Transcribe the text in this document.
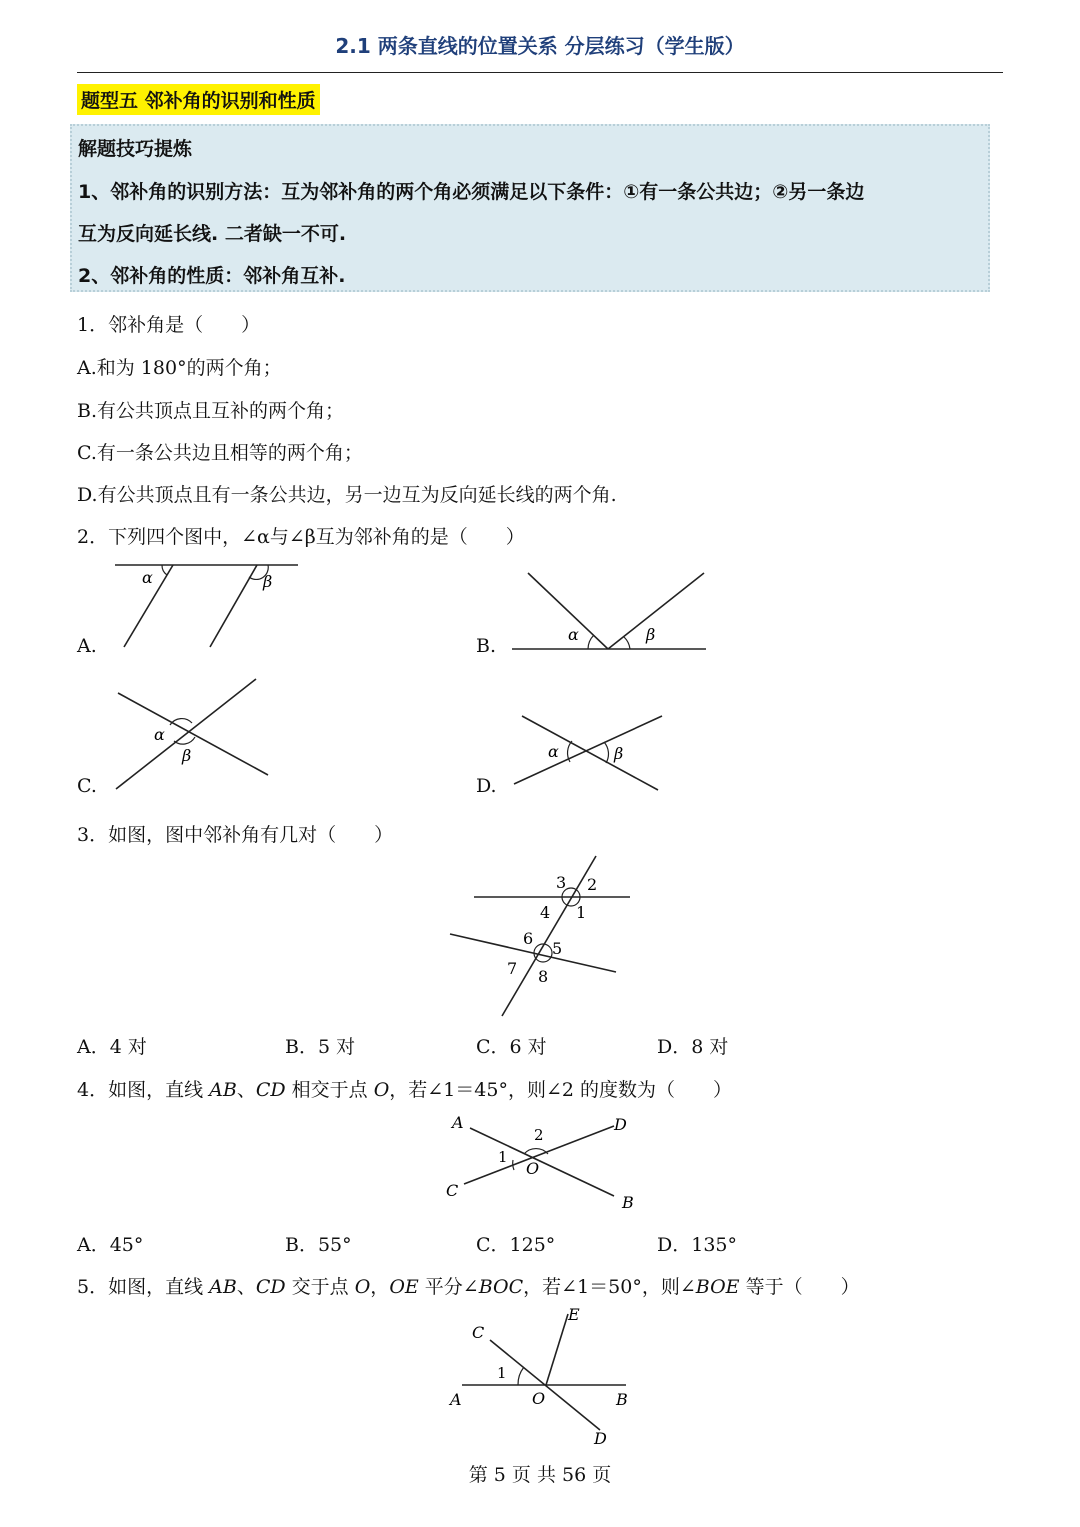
2.1 两条直线的位置关系 分层练习（学生版）
题型五 邻补角的识别和性质
解题技巧提炼
1、邻补角的识别方法：互为邻补角的两个角必须满足以下条件：①有一条公共边；②另一条边
互为反向延长线. 二者缺一不可.
2、邻补角的性质：邻补角互补.
1．邻补角是（　　）
A.和为 180°的两个角；
B.有公共顶点且互补的两个角；
C.有一条公共边且相等的两个角；
D.有公共顶点且有一条公共边，另一边互为反向延长线的两个角.
2．下列四个图中，∠α与∠β互为邻补角的是（　　）
A.
α	β
B.
α	β
C.
α
β
D.
α	β
3．如图，图中邻补角有几对（　　）
2
3
4 1
6
5
7 8
A．4 对	B．5 对	C．6 对	D．8 对
4．如图，直线 AB、CD 相交于点 O，若∠1＝45°，则∠2 的度数为（　　）
A	D
C
B
O
1
2
A．45°	B．55°	C．125°	D．135°
5．如图，直线 AB、CD 交于点 O，OE 平分∠BOC，若∠1＝50°，则∠BOE 等于（　　）
C
E
A	B
O
D
1
第 5 页 共 56 页
